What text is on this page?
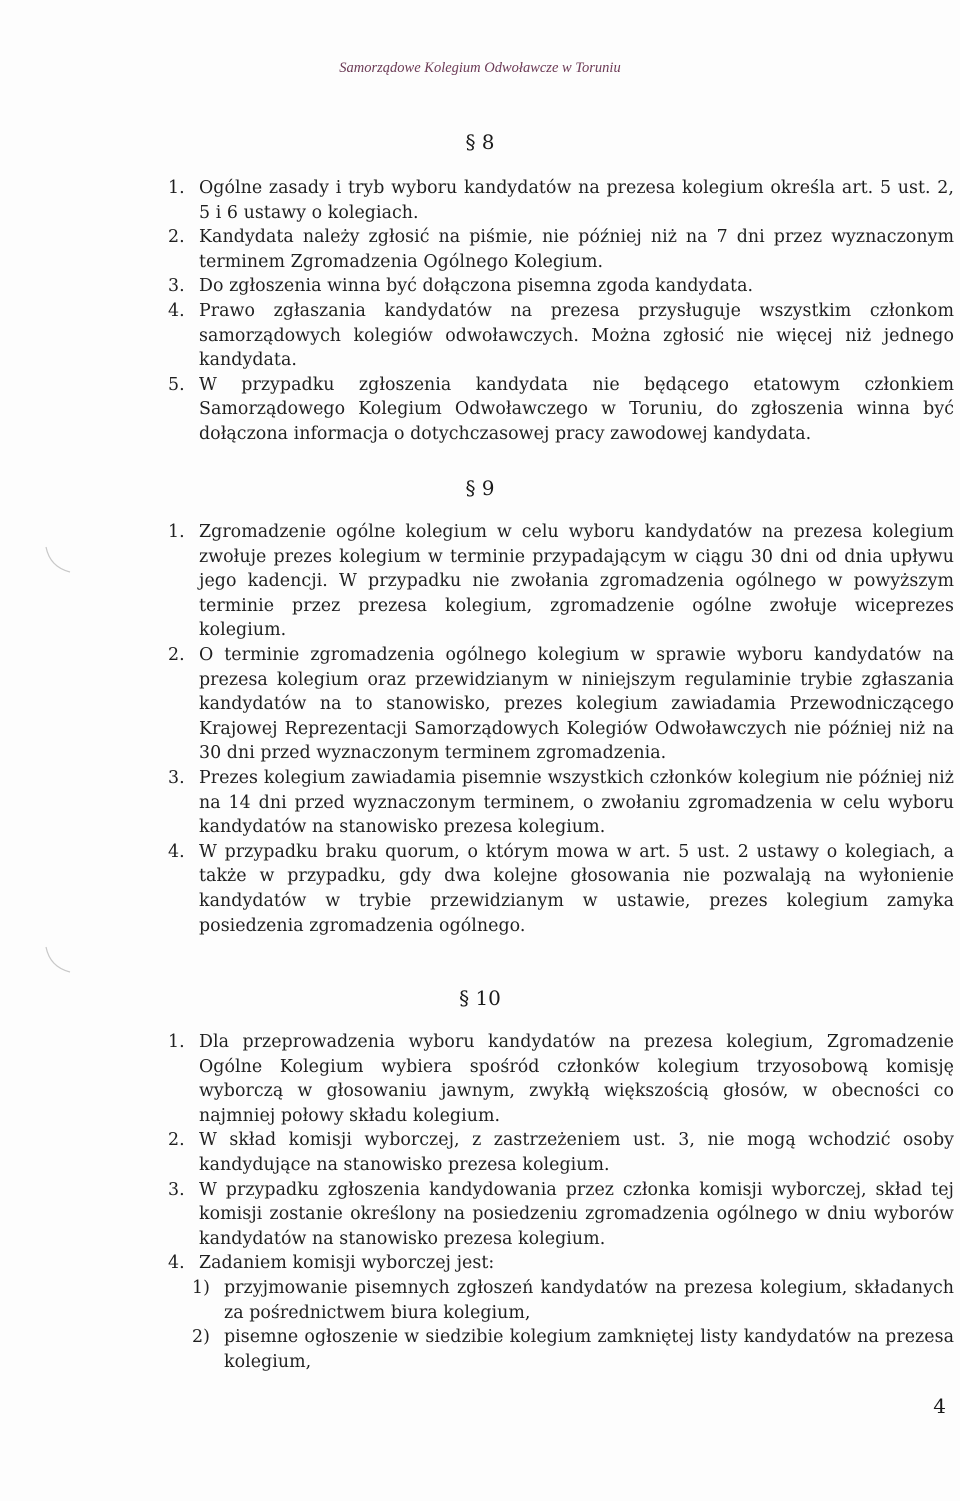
Samorządowe Kolegium Odwoławcze w Toruniu
§ 8
1. Ogólne zasady i tryb wyboru kandydatów na prezesa kolegium określa art. 5 ust. 2, 5 i 6 ustawy o kolegiach.

2. Kandydata należy zgłosić na piśmie, nie później niż na 7 dni przez wyznaczonym terminem Zgromadzenia Ogólnego Kolegium.

3. Do zgłoszenia winna być dołączona pisemna zgoda kandydata.

4. Prawo zgłaszania kandydatów na prezesa przysługuje wszystkim członkom samorządowych kolegiów odwoławczych. Można zgłosić nie więcej niż jednego kandydata.

5. W przypadku zgłoszenia kandydata nie będącego etatowym członkiem Samorządowego Kolegium Odwoławczego w Toruniu, do zgłoszenia winna być dołączona informacja o dotychczasowej pracy zawodowej kandydata.

§ 9
1. Zgromadzenie ogólne kolegium w celu wyboru kandydatów na prezesa kolegium zwołuje prezes kolegium w terminie przypadającym w ciągu 30 dni od dnia upływu jego kadencji. W przypadku nie zwołania zgromadzenia ogólnego w powyższym terminie przez prezesa kolegium, zgromadzenie ogólne zwołuje wiceprezes kolegium.

2. O terminie zgromadzenia ogólnego kolegium w sprawie wyboru kandydatów na prezesa kolegium oraz przewidzianym w niniejszym regulaminie trybie zgłaszania kandydatów na to stanowisko, prezes kolegium zawiadamia Przewodniczącego Krajowej Reprezentacji Samorządowych Kolegiów Odwoławczych nie później niż na 30 dni przed wyznaczonym terminem zgromadzenia.

3. Prezes kolegium zawiadamia pisemnie wszystkich członków kolegium nie później niż na 14 dni przed wyznaczonym terminem, o zwołaniu zgromadzenia w celu wyboru kandydatów na stanowisko prezesa kolegium.

4. W przypadku braku quorum, o którym mowa w art. 5 ust. 2 ustawy o kolegiach, a także w przypadku, gdy dwa kolejne głosowania nie pozwalają na wyłonienie kandydatów w trybie przewidzianym w ustawie, prezes kolegium zamyka posiedzenia zgromadzenia ogólnego.

§ 10
1. Dla przeprowadzenia wyboru kandydatów na prezesa kolegium, Zgromadzenie Ogólne Kolegium wybiera spośród członków kolegium trzyosobową komisję wyborczą w głosowaniu jawnym, zwykłą większością głosów, w obecności co najmniej połowy składu kolegium.

2. W skład komisji wyborczej, z zastrzeżeniem ust. 3, nie mogą wchodzić osoby kandydujące na stanowisko prezesa kolegium.

3. W przypadku zgłoszenia kandydowania przez członka komisji wyborczej, skład tej komisji zostanie określony na posiedzeniu zgromadzenia ogólnego w dniu wyborów kandydatów na stanowisko prezesa kolegium.

4. Zadaniem komisji wyborczej jest:

1) przyjmowanie pisemnych zgłoszeń kandydatów na prezesa kolegium, składanych za pośrednictwem biura kolegium,

2) pisemne ogłoszenie w siedzibie kolegium zamkniętej listy kandydatów na prezesa kolegium,

4
